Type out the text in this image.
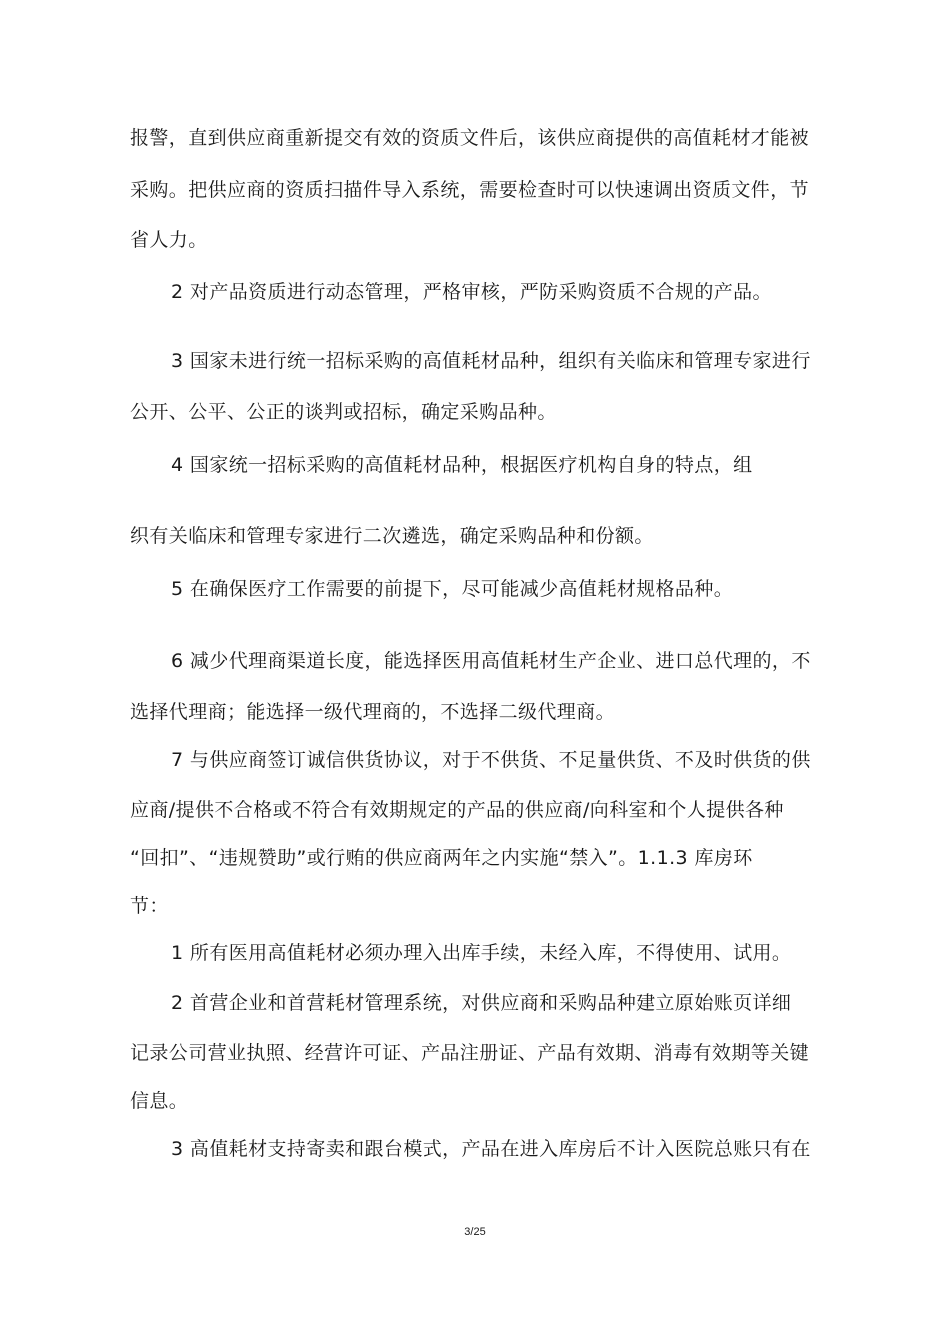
报警，直到供应商重新提交有效的资质文件后，该供应商提供的高值耗材才能被
采购。把供应商的资质扫描件导入系统，需要检查时可以快速调出资质文件，节
省人力。
2 对产品资质进行动态管理，严格审核，严防采购资质不合规的产品。
3 国家未进行统一招标采购的高值耗材品种，组织有关临床和管理专家进行
公开、公平、公正的谈判或招标，确定采购品种。
4 国家统一招标采购的高值耗材品种，根据医疗机构自身的特点，组
织有关临床和管理专家进行二次遴选，确定采购品种和份额。
5 在确保医疗工作需要的前提下，尽可能减少高值耗材规格品种。
6 减少代理商渠道长度，能选择医用高值耗材生产企业、进口总代理的，不
选择代理商；能选择一级代理商的，不选择二级代理商。
7 与供应商签订诚信供货协议，对于不供货、不足量供货、不及时供货的供
应商/提供不合格或不符合有效期规定的产品的供应商/向科室和个人提供各种
“回扣”、“违规赞助”或行贿的供应商两年之内实施“禁入”。1.1.3 库房环
节：
1 所有医用高值耗材必须办理入出库手续，未经入库，不得使用、试用。
2 首营企业和首营耗材管理系统，对供应商和采购品种建立原始账页详细
记录公司营业执照、经营许可证、产品注册证、产品有效期、消毒有效期等关键
信息。
3 高值耗材支持寄卖和跟台模式，产品在进入库房后不计入医院总账只有在
3/25
